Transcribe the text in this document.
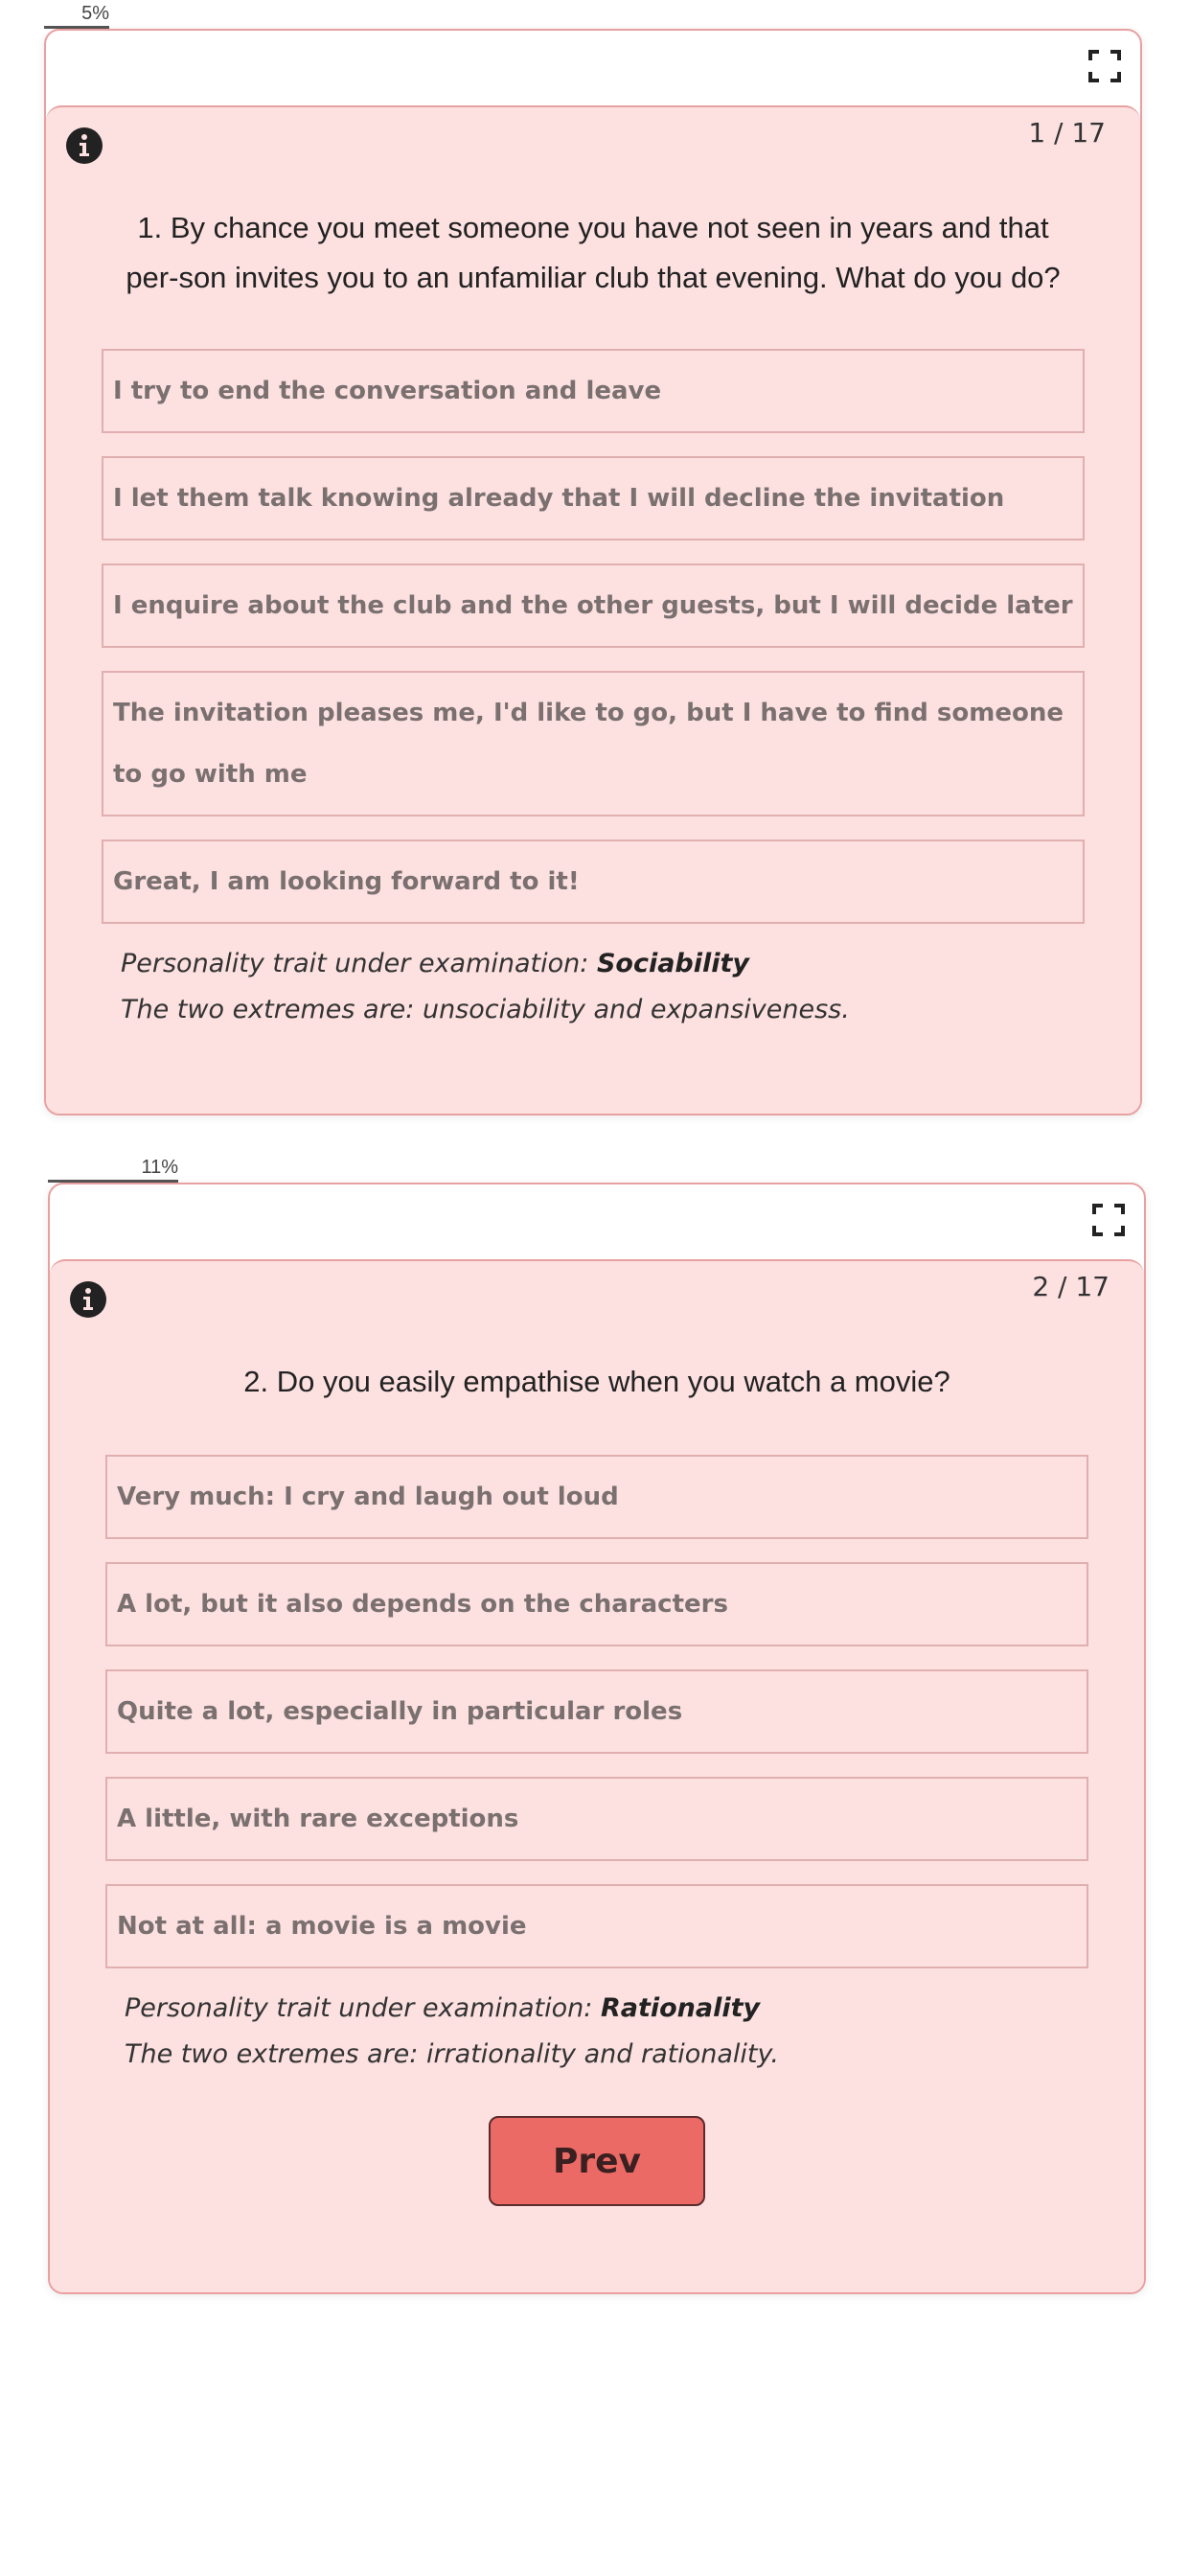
5%
1 / 17
1. By chance you meet someone you have not seen in years and that per-son invites you to an unfamiliar club that evening. What do you do?
I try to end the conversation and leave
I let them talk knowing already that I will decline the invitation
I enquire about the club and the other guests, but I will decide later
The invitation pleases me, I'd like to go, but I have to find someone to go with me
Great, I am looking forward to it!
Personality trait under examination: Sociability
The two extremes are: unsociability and expansiveness.
11%
2 / 17
2. Do you easily empathise when you watch a movie?
Very much: I cry and laugh out loud
A lot, but it also depends on the characters
Quite a lot, especially in particular roles
A little, with rare exceptions
Not at all: a movie is a movie
Personality trait under examination: Rationality
The two extremes are: irrationality and rationality.
Prev
